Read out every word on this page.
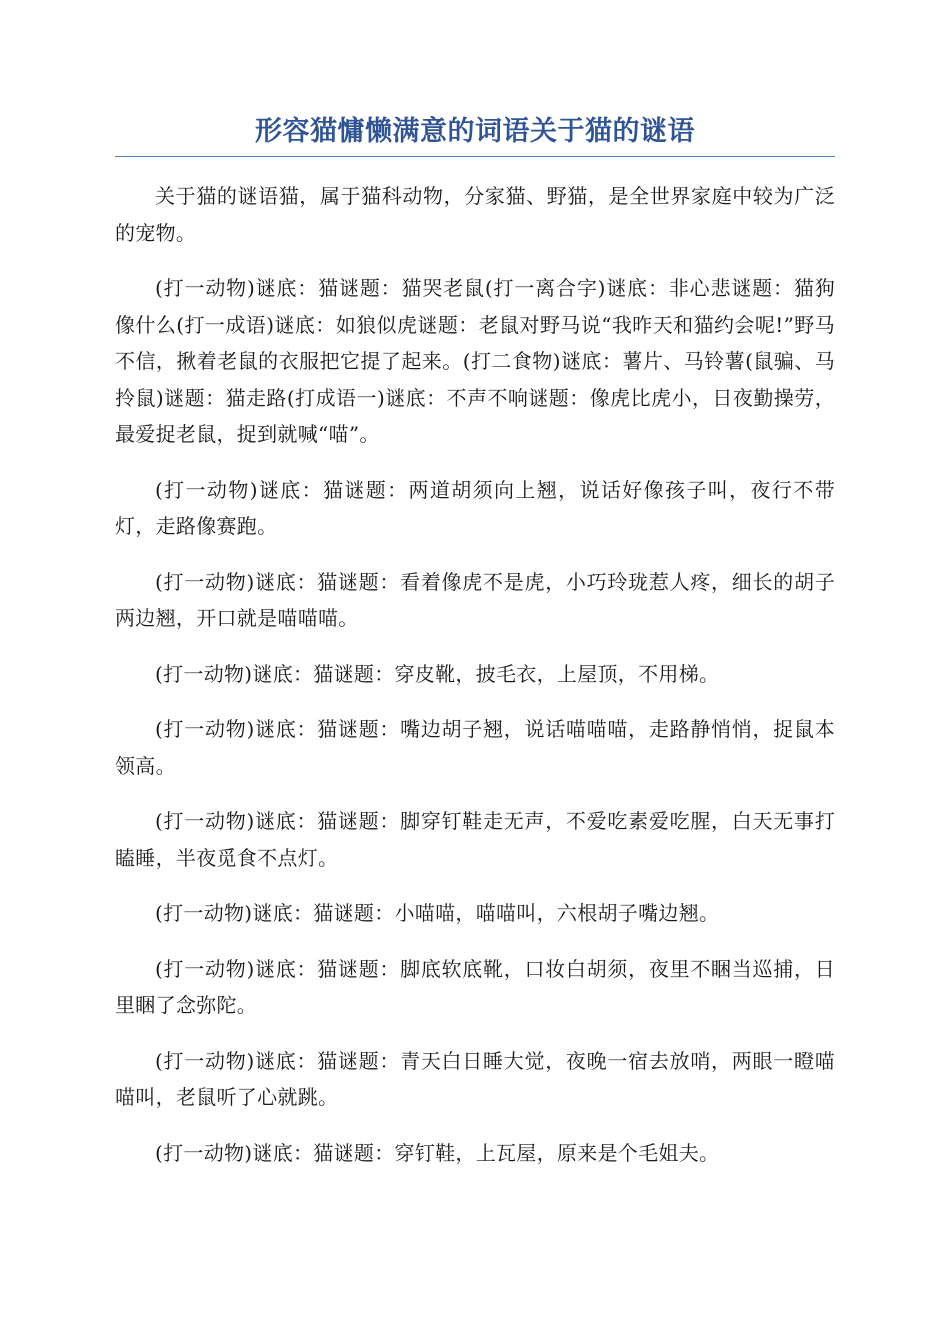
形容猫慵懒满意的词语关于猫的谜语

关于猫的谜语猫，属于猫科动物，分家猫、野猫，是全世界家庭中较为广泛的宠物。

(打一动物)谜底：猫谜题：猫哭老鼠(打一离合字)谜底：非心悲谜题：猫狗像什么(打一成语)谜底：如狼似虎谜题：老鼠对野马说“我昨天和猫约会呢!”野马不信，揪着老鼠的衣服把它提了起来。(打二食物)谜底：薯片、马铃薯(鼠骗、马拎鼠)谜题：猫走路(打成语一)谜底：不声不响谜题：像虎比虎小，日夜勤操劳，最爱捉老鼠，捉到就喊“喵”。

(打一动物)谜底：猫谜题：两道胡须向上翘，说话好像孩子叫，夜行不带灯，走路像赛跑。

(打一动物)谜底：猫谜题：看着像虎不是虎，小巧玲珑惹人疼，细长的胡子两边翘，开口就是喵喵喵。

(打一动物)谜底：猫谜题：穿皮靴，披毛衣，上屋顶，不用梯。

(打一动物)谜底：猫谜题：嘴边胡子翘，说话喵喵喵，走路静悄悄，捉鼠本领高。

(打一动物)谜底：猫谜题：脚穿钉鞋走无声，不爱吃素爱吃腥，白天无事打瞌睡，半夜觅食不点灯。

(打一动物)谜底：猫谜题：小喵喵，喵喵叫，六根胡子嘴边翘。

(打一动物)谜底：猫谜题：脚底软底靴，口妆白胡须，夜里不睏当巡捕，日里睏了念弥陀。

(打一动物)谜底：猫谜题：青天白日睡大觉，夜晚一宿去放哨，两眼一瞪喵喵叫，老鼠听了心就跳。

(打一动物)谜底：猫谜题：穿钉鞋，上瓦屋，原来是个毛姐夫。
